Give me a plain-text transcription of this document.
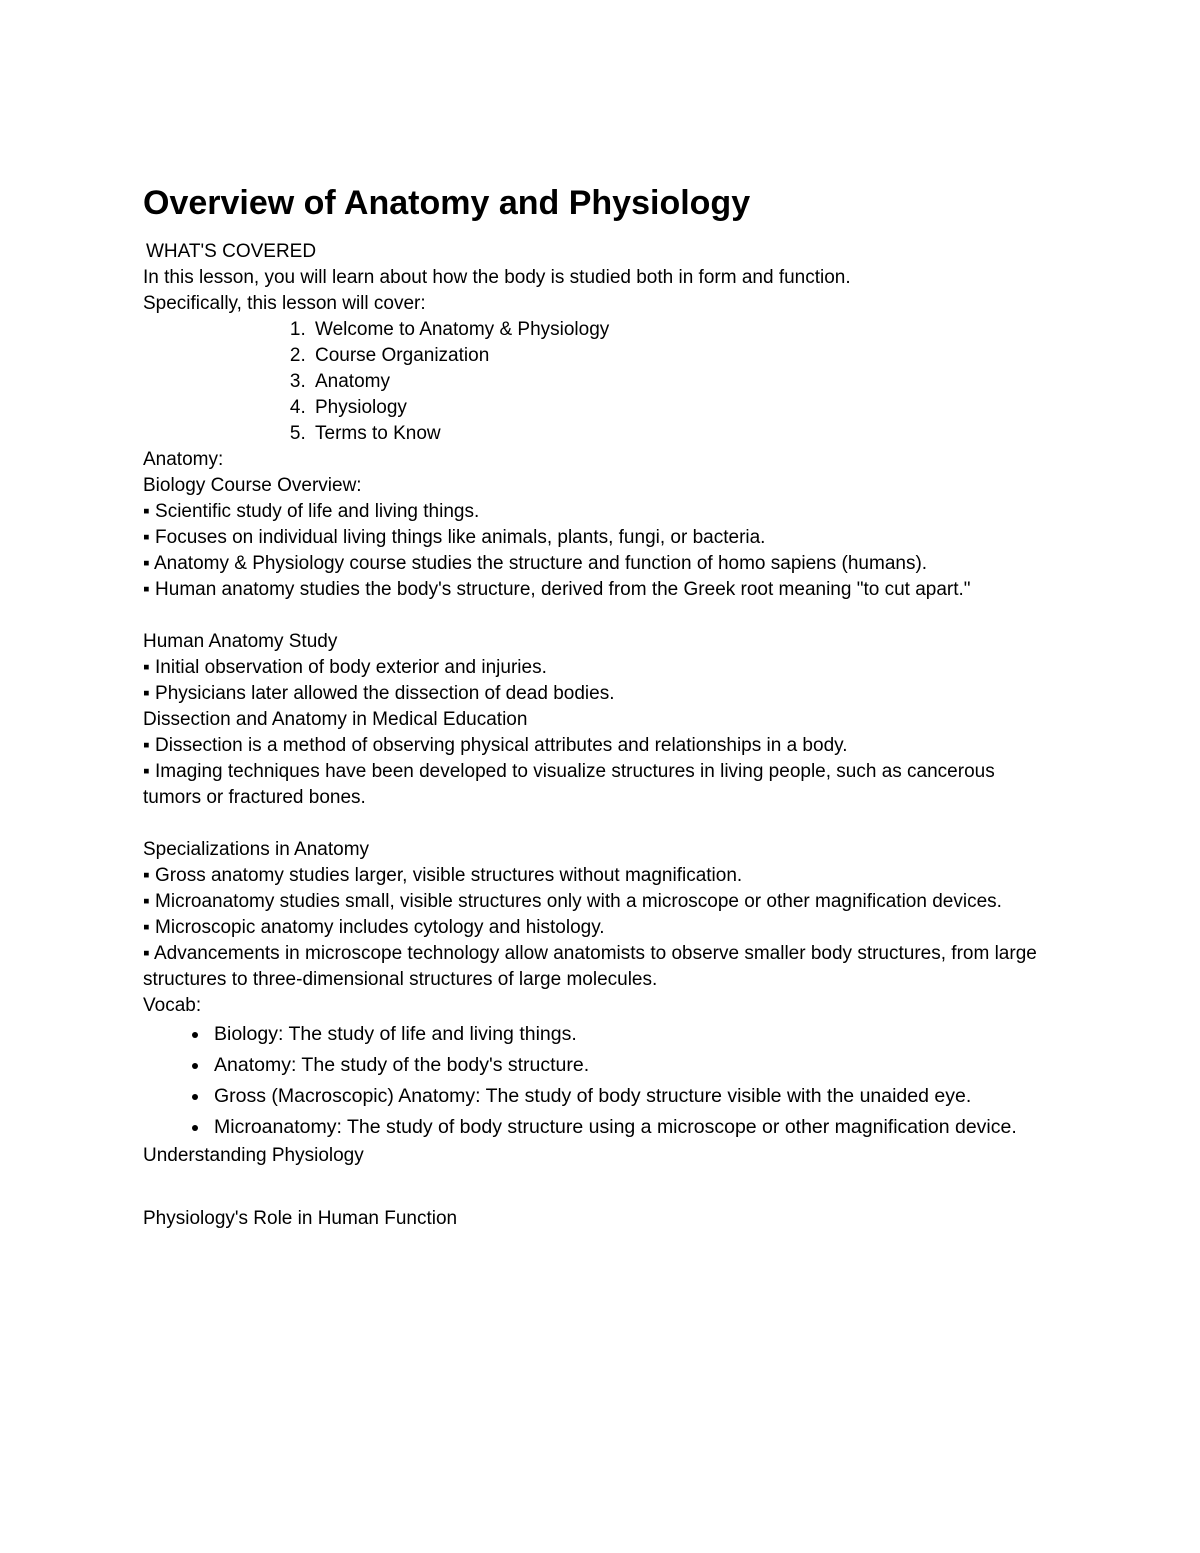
Overview of Anatomy and Physiology

WHAT'S COVERED

In this lesson, you will learn about how the body is studied both in form and function.

Specifically, this lesson will cover:

1. Welcome to Anatomy & Physiology
2. Course Organization
3. Anatomy
4. Physiology
5. Terms to Know

Anatomy:

Biology Course Overview:

▪ Scientific study of life and living things.

▪ Focuses on individual living things like animals, plants, fungi, or bacteria.

▪ Anatomy & Physiology course studies the structure and function of homo sapiens (humans).

▪ Human anatomy studies the body's structure, derived from the Greek root meaning "to cut apart."

Human Anatomy Study

▪ Initial observation of body exterior and injuries.

▪ Physicians later allowed the dissection of dead bodies.

Dissection and Anatomy in Medical Education

▪ Dissection is a method of observing physical attributes and relationships in a body.

▪ Imaging techniques have been developed to visualize structures in living people, such as cancerous tumors or fractured bones.

Specializations in Anatomy

▪ Gross anatomy studies larger, visible structures without magnification.

▪ Microanatomy studies small, visible structures only with a microscope or other magnification devices.

▪ Microscopic anatomy includes cytology and histology.

▪ Advancements in microscope technology allow anatomists to observe smaller body structures, from large structures to three-dimensional structures of large molecules.

Vocab:

• Biology: The study of life and living things.
• Anatomy: The study of the body's structure.
• Gross (Macroscopic) Anatomy: The study of body structure visible with the unaided eye.
• Microanatomy: The study of body structure using a microscope or other magnification device.

Understanding Physiology

Physiology's Role in Human Function
